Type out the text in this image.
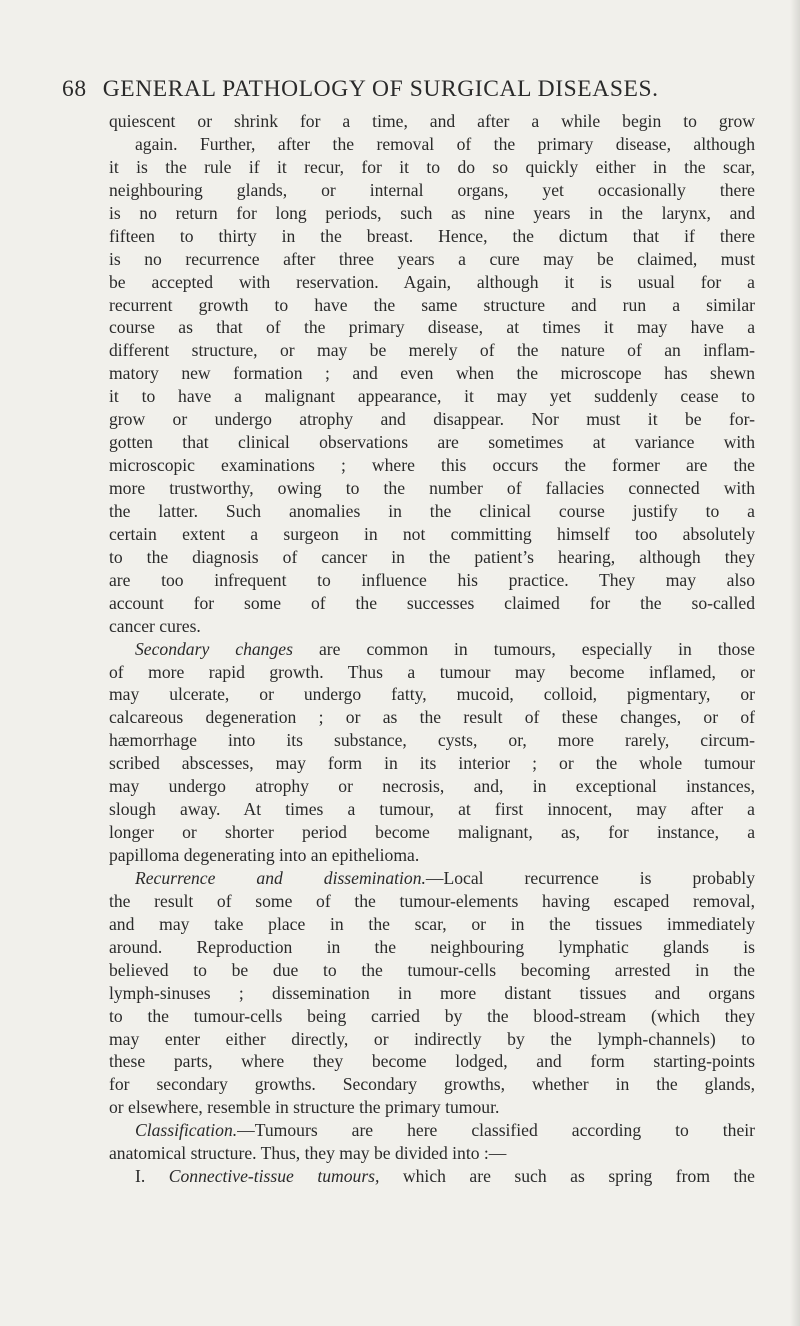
68 GENERAL PATHOLOGY OF SURGICAL DISEASES.
quiescent or shrink for a time, and after a while begin to grow
again. Further, after the removal of the primary disease, although
it is the rule if it recur, for it to do so quickly either in the scar,
neighbouring glands, or internal organs, yet occasionally there
is no return for long periods, such as nine years in the larynx, and
fifteen to thirty in the breast. Hence, the dictum that if there
is no recurrence after three years a cure may be claimed, must
be accepted with reservation. Again, although it is usual for a
recurrent growth to have the same structure and run a similar
course as that of the primary disease, at times it may have a
different structure, or may be merely of the nature of an inflam-
matory new formation ; and even when the microscope has shewn
it to have a malignant appearance, it may yet suddenly cease to
grow or undergo atrophy and disappear. Nor must it be for-
gotten that clinical observations are sometimes at variance with
microscopic examinations ; where this occurs the former are the
more trustworthy, owing to the number of fallacies connected with
the latter. Such anomalies in the clinical course justify to a
certain extent a surgeon in not committing himself too absolutely
to the diagnosis of cancer in the patient’s hearing, although they
are too infrequent to influence his practice. They may also
account for some of the successes claimed for the so-called
cancer cures.
Secondary changes are common in tumours, especially in those
of more rapid growth. Thus a tumour may become inflamed, or
may ulcerate, or undergo fatty, mucoid, colloid, pigmentary, or
calcareous degeneration ; or as the result of these changes, or of
hæmorrhage into its substance, cysts, or, more rarely, circum-
scribed abscesses, may form in its interior ; or the whole tumour
may undergo atrophy or necrosis, and, in exceptional instances,
slough away. At times a tumour, at first innocent, may after a
longer or shorter period become malignant, as, for instance, a
papilloma degenerating into an epithelioma.
Recurrence and dissemination.—Local recurrence is probably
the result of some of the tumour-elements having escaped removal,
and may take place in the scar, or in the tissues immediately
around. Reproduction in the neighbouring lymphatic glands is
believed to be due to the tumour-cells becoming arrested in the
lymph-sinuses ; dissemination in more distant tissues and organs
to the tumour-cells being carried by the blood-stream (which they
may enter either directly, or indirectly by the lymph-channels) to
these parts, where they become lodged, and form starting-points
for secondary growths. Secondary growths, whether in the glands,
or elsewhere, resemble in structure the primary tumour.
Classification.—Tumours are here classified according to their
anatomical structure. Thus, they may be divided into :—
I. Connective-tissue tumours, which are such as spring from the
